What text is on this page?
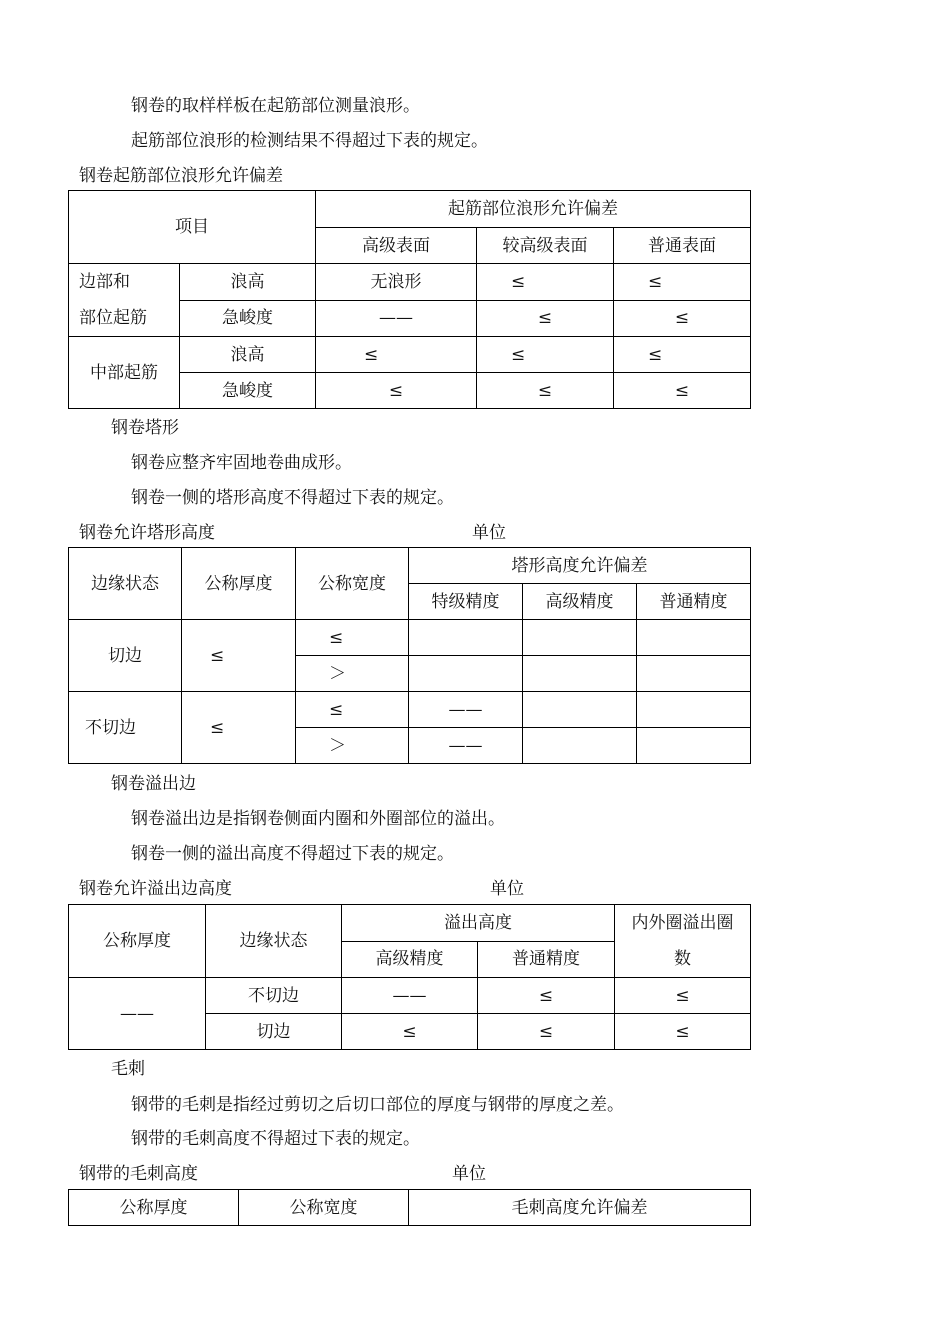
钢卷的取样样板在起筋部位测量浪形。
起筋部位浪形的检测结果不得超过下表的规定。
钢卷起筋部位浪形允许偏差
项目		起筋部位浪形允许偏差		
		高级表面	较高级表面	普通表面

边部和
部位起筋	浪高	无浪形	≤	≤
	急峻度	——	≤	≤
中部起筋	浪高	≤	≤	≤
	急峻度	≤	≤	≤
钢卷塔形
钢卷应整齐牢固地卷曲成形。
钢卷一侧的塔形高度不得超过下表的规定。
钢卷允许塔形高度	单位
边缘状态	公称厚度	公称宽度	塔形高度允许偏差		
			特级精度	高级精度	普通精度
切边	≤	≤			
		＞			
不切边	≤	≤	——		
		＞	——		
钢卷溢出边
钢卷溢出边是指钢卷侧面内圈和外圈部位的溢出。
钢卷一侧的溢出高度不得超过下表的规定。
钢卷允许溢出边高度	单位
公称厚度	边缘状态	溢出高度		内外圈溢出圈
数

		高级精度	普通精度	
——	不切边	——	≤	≤
	切边	≤	≤	≤
毛刺
钢带的毛刺是指经过剪切之后切口部位的厚度与钢带的厚度之差。
钢带的毛刺高度不得超过下表的规定。
钢带的毛刺高度	单位
公称厚度	公称宽度	毛刺高度允许偏差
